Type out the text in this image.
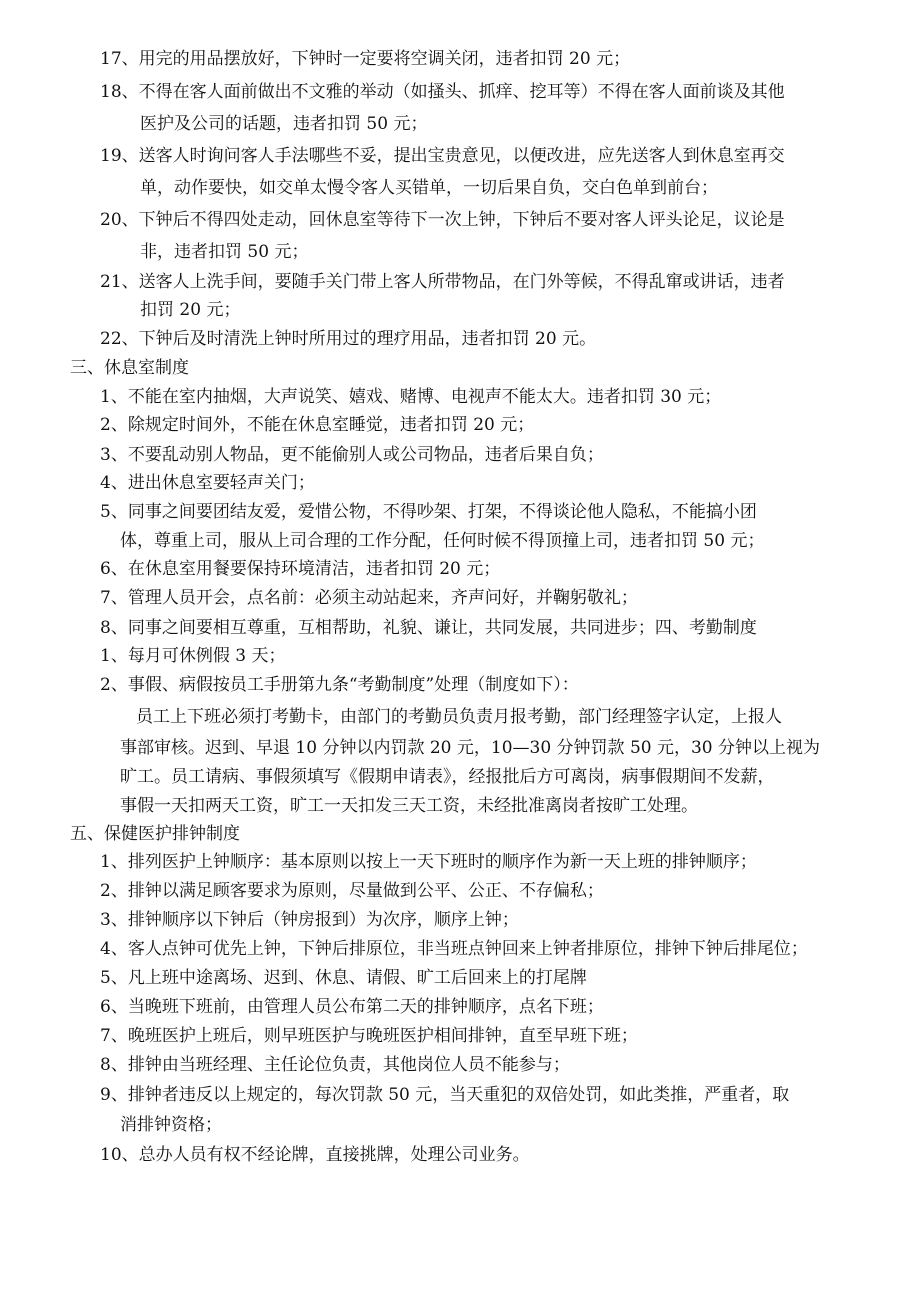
17、用完的用品摆放好，下钟时一定要将空调关闭，违者扣罚 20 元；
18、不得在客人面前做出不文雅的举动（如搔头、抓痒、挖耳等）不得在客人面前谈及其他
医护及公司的话题，违者扣罚 50 元；
19、送客人时询问客人手法哪些不妥，提出宝贵意见，以便改进，应先送客人到休息室再交
单，动作要快，如交单太慢令客人买错单，一切后果自负，交白色单到前台；
20、下钟后不得四处走动，回休息室等待下一次上钟，下钟后不要对客人评头论足，议论是
非，违者扣罚 50 元；
21、送客人上洗手间，要随手关门带上客人所带物品，在门外等候，不得乱窜或讲话，违者
扣罚 20 元；
22、下钟后及时清洗上钟时所用过的理疗用品，违者扣罚 20 元。
三、休息室制度
1、不能在室内抽烟，大声说笑、嬉戏、赌博、电视声不能太大。违者扣罚 30 元；
2、除规定时间外，不能在休息室睡觉，违者扣罚 20 元；
3、不要乱动别人物品，更不能偷别人或公司物品，违者后果自负；
4、进出休息室要轻声关门；
5、同事之间要团结友爱，爱惜公物，不得吵架、打架，不得谈论他人隐私，不能搞小团
体，尊重上司，服从上司合理的工作分配，任何时候不得顶撞上司，违者扣罚 50 元；
6、在休息室用餐要保持环境清洁，违者扣罚 20 元；
7、管理人员开会，点名前：必须主动站起来，齐声问好，并鞠躬敬礼；
8、同事之间要相互尊重，互相帮助，礼貌、谦让，共同发展，共同进步；四、考勤制度
1、每月可休例假 3 天；
2、事假、病假按员工手册第九条“考勤制度”处理（制度如下）：
员工上下班必须打考勤卡，由部门的考勤员负责月报考勤，部门经理签字认定，上报人
事部审核。迟到、早退 10 分钟以内罚款 20 元，10—30 分钟罚款 50 元，30 分钟以上视为
旷工。员工请病、事假须填写《假期申请表》，经报批后方可离岗，病事假期间不发薪，
事假一天扣两天工资，旷工一天扣发三天工资，未经批准离岗者按旷工处理。
五、保健医护排钟制度
1、排列医护上钟顺序：基本原则以按上一天下班时的顺序作为新一天上班的排钟顺序；
2、排钟以满足顾客要求为原则，尽量做到公平、公正、不存偏私；
3、排钟顺序以下钟后（钟房报到）为次序，顺序上钟；
4、客人点钟可优先上钟，下钟后排原位，非当班点钟回来上钟者排原位，排钟下钟后排尾位；
5、凡上班中途离场、迟到、休息、请假、旷工后回来上的打尾牌
6、当晚班下班前，由管理人员公布第二天的排钟顺序，点名下班；
7、晚班医护上班后，则早班医护与晚班医护相间排钟，直至早班下班；
8、排钟由当班经理、主任论位负责，其他岗位人员不能参与；
9、排钟者违反以上规定的，每次罚款 50 元，当天重犯的双倍处罚，如此类推，严重者，取
消排钟资格；
10、总办人员有权不经论牌，直接挑牌，处理公司业务。
